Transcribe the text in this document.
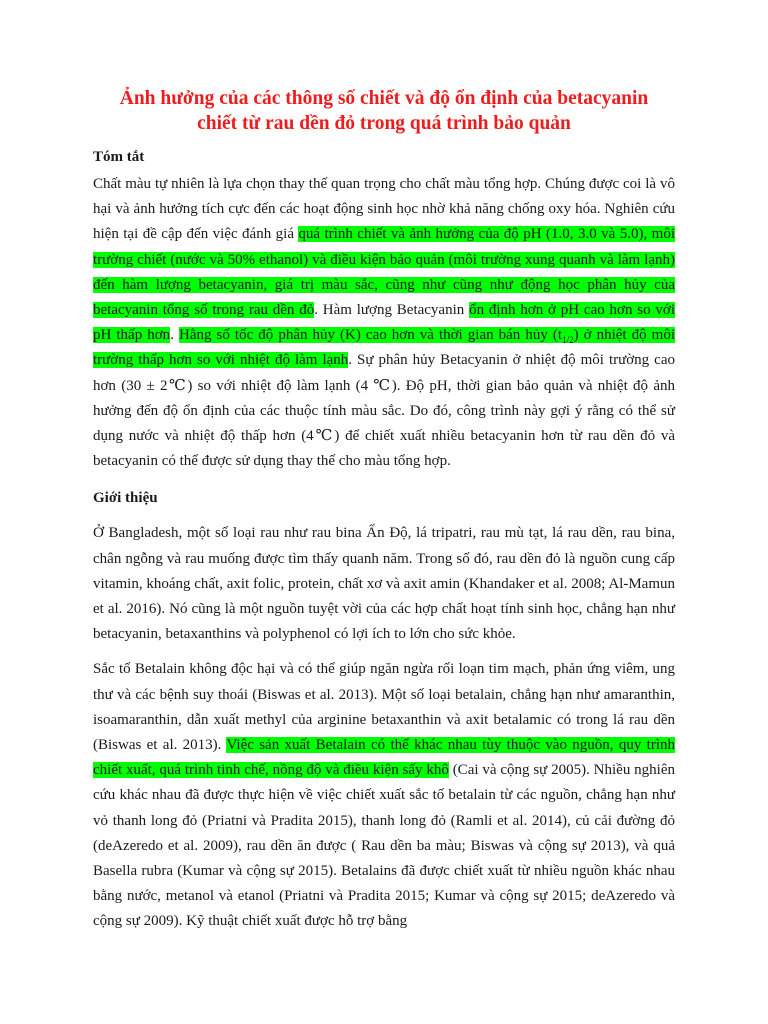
Ảnh hưởng của các thông số chiết và độ ổn định của betacyanin
chiết từ rau dền đỏ trong quá trình bảo quản
Tóm tắt

Chất màu tự nhiên là lựa chọn thay thế quan trọng cho chất màu tổng hợp. Chúng được coi là vô hại và ảnh hưởng tích cực đến các hoạt động sinh học nhờ khả năng chống oxy hóa. Nghiên cứu hiện tại đề cập đến việc đánh giá quá trình chiết và ảnh hưởng của độ pH (1.0, 3.0 và 5.0), môi trường chiết (nước và 50% ethanol) và điều kiện bảo quản (môi trường xung quanh và làm lạnh) đến hàm lượng betacyanin, giá trị màu sắc, cũng như cũng như động học phân hủy của betacyanin tổng số trong rau dền đỏ. Hàm lượng Betacyanin ổn định hơn ở pH cao hơn so với pH thấp hơn. Hằng số tốc độ phân hủy (K) cao hơn và thời gian bán hủy $(t_{1/2})$ ở nhiệt độ môi trường thấp hơn so với nhiệt độ làm lạnh. Sự phân hủy Betacyanin ở nhiệt độ môi trường cao hơn (30 ± 2℃) so với nhiệt độ làm lạnh (4 ℃). Độ pH, thời gian bảo quản và nhiệt độ ảnh hưởng đến độ ổn định của các thuộc tính màu sắc. Do đó, công trình này gợi ý rằng có thể sử dụng nước và nhiệt độ thấp hơn (4℃) để chiết xuất nhiều betacyanin hơn từ rau dền đỏ và betacyanin có thể được sử dụng thay thế cho màu tổng hợp.

Giới thiệu

Ở Bangladesh, một số loại rau như rau bina Ấn Độ, lá tripatri, rau mù tạt, lá rau dền, rau bina, chân ngỗng và rau muống được tìm thấy quanh năm. Trong số đó, rau dền đỏ là nguồn cung cấp vitamin, khoáng chất, axit folic, protein, chất xơ và axit amin (Khandaker et al. 2008; Al-Mamun et al. 2016). Nó cũng là một nguồn tuyệt vời của các hợp chất hoạt tính sinh học, chẳng hạn như betacyanin, betaxanthins và polyphenol có lợi ích to lớn cho sức khỏe.

Sắc tố Betalain không độc hại và có thể giúp ngăn ngừa rối loạn tim mạch, phản ứng viêm, ung thư và các bệnh suy thoái (Biswas et al. 2013). Một số loại betalain, chẳng hạn như amaranthin, isoamaranthin, dẫn xuất methyl của arginine betaxanthin và axit betalamic có trong lá rau dền (Biswas et al. 2013). Việc sản xuất Betalain có thể khác nhau tùy thuộc vào nguồn, quy trình chiết xuất, quá trình tinh chế, nồng độ và điều kiện sấy khô (Cai và cộng sự 2005). Nhiều nghiên cứu khác nhau đã được thực hiện về việc chiết xuất sắc tố betalain từ các nguồn, chẳng hạn như vỏ thanh long đỏ (Priatni và Pradita 2015), thanh long đỏ (Ramli et al. 2014), củ cải đường đỏ (deAzeredo et al. 2009), rau dền ăn được ( Rau dền ba màu; Biswas và cộng sự 2013), và quả Basella rubra (Kumar và cộng sự 2015). Betalains đã được chiết xuất từ nhiều nguồn khác nhau bằng nước, metanol và etanol (Priatni và Pradita 2015; Kumar và cộng sự 2015; deAzeredo và cộng sự 2009). Kỹ thuật chiết xuất được hỗ trợ bằng
